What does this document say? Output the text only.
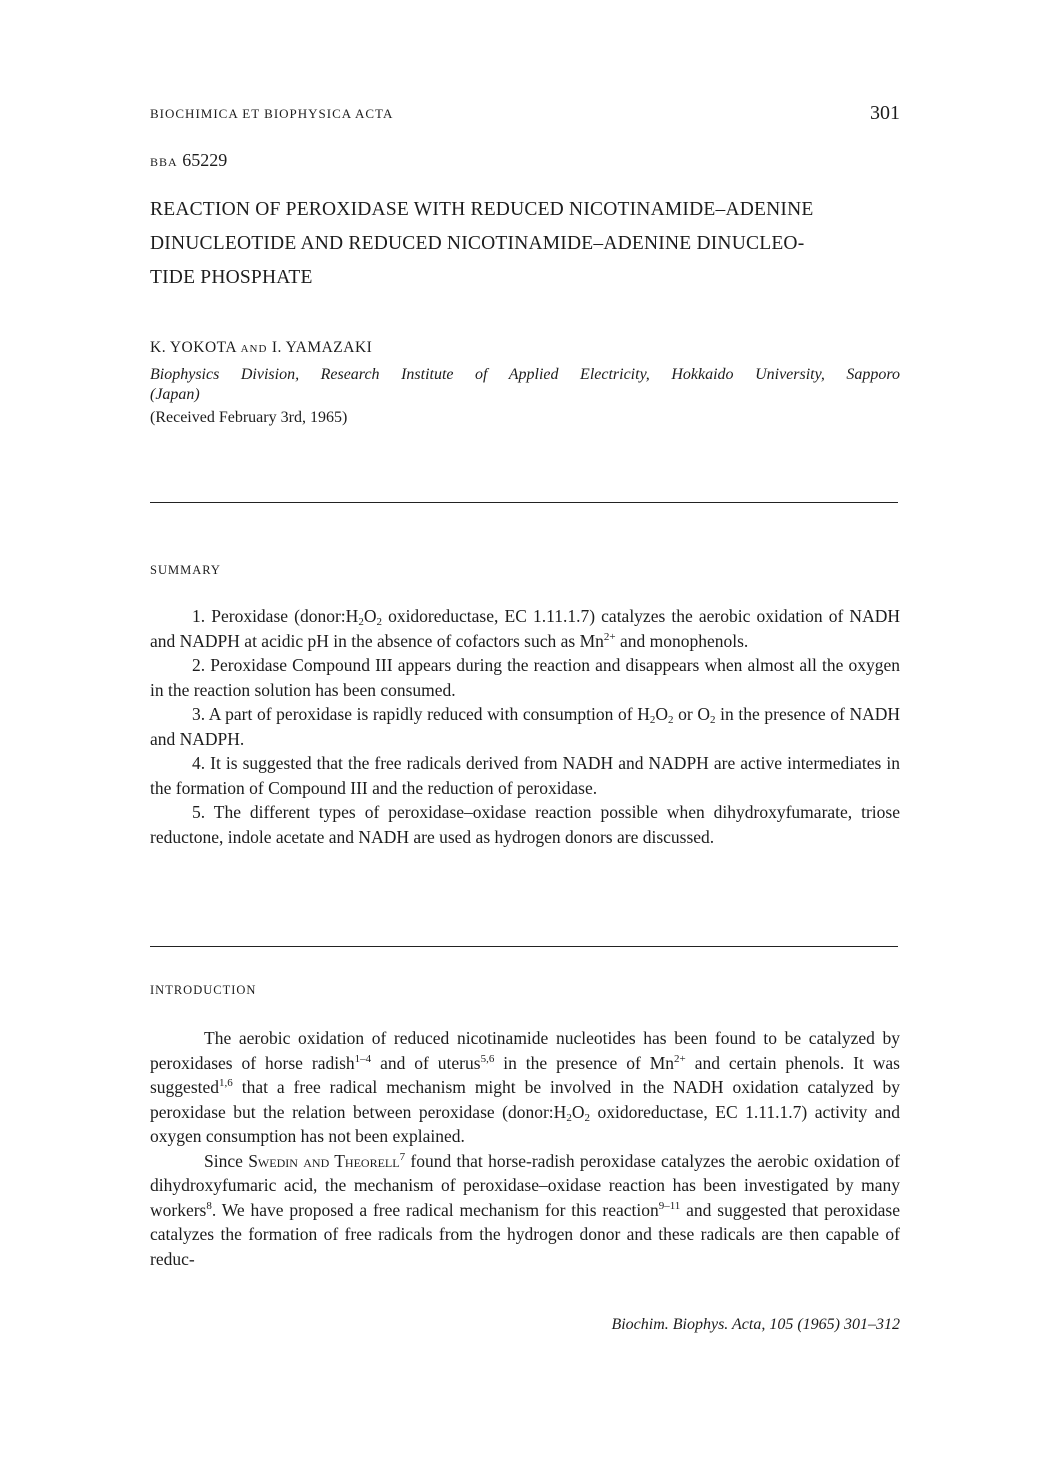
BIOCHIMICA ET BIOPHYSICA ACTA	301
BBA 65229
REACTION OF PEROXIDASE WITH REDUCED NICOTINAMIDE–ADENINE
DINUCLEOTIDE AND REDUCED NICOTINAMIDE–ADENINE DINUCLEO-
TIDE PHOSPHATE
K. YOKOTA AND I. YAMAZAKI
Biophysics Division, Research Institute of Applied Electricity, Hokkaido University, Sapporo
(Japan)
(Received February 3rd, 1965)
SUMMARY

1. Peroxidase ($donor:H_2O_2$ oxidoreductase, EC 1.11.1.7) catalyzes the aerobic oxidation of NADH and NADPH at acidic pH in the absence of cofactors such as $Mn^{2+}$ and monophenols.

2. Peroxidase Compound III appears during the reaction and disappears when almost all the oxygen in the reaction solution has been consumed.

3. A part of peroxidase is rapidly reduced with consumption of $H_2O_2$ or $O_2$ in the presence of NADH and NADPH.

4. It is suggested that the free radicals derived from NADH and NADPH are active intermediates in the formation of Compound III and the reduction of peroxidase.

5. The different types of peroxidase–oxidase reaction possible when dihydroxyfumarate, triose reductone, indole acetate and NADH are used as hydrogen donors are discussed.

INTRODUCTION

The aerobic oxidation of reduced nicotinamide nucleotides has been found to be catalyzed by peroxidases of horse radish$^{1-4}$ and of uterus$^{5,6}$ in the presence of $Mn^{2+}$ and certain phenols. It was suggested$^{1,6}$ that a free radical mechanism might be involved in the NADH oxidation catalyzed by peroxidase but the relation between peroxidase ($donor:H_2O_2$ oxidoreductase, EC 1.11.1.7) activity and oxygen consumption has not been explained.

Since Swedin and Theorell$^7$ found that horse-radish peroxidase catalyzes the aerobic oxidation of dihydroxyfumaric acid, the mechanism of peroxidase–oxidase reaction has been investigated by many workers$^8$. We have proposed a free radical mechanism for this reaction$^{9-11}$ and suggested that peroxidase catalyzes the formation of free radicals from the hydrogen donor and these radicals are then capable of reduc-

Biochim. Biophys. Acta, 105 (1965) 301–312
